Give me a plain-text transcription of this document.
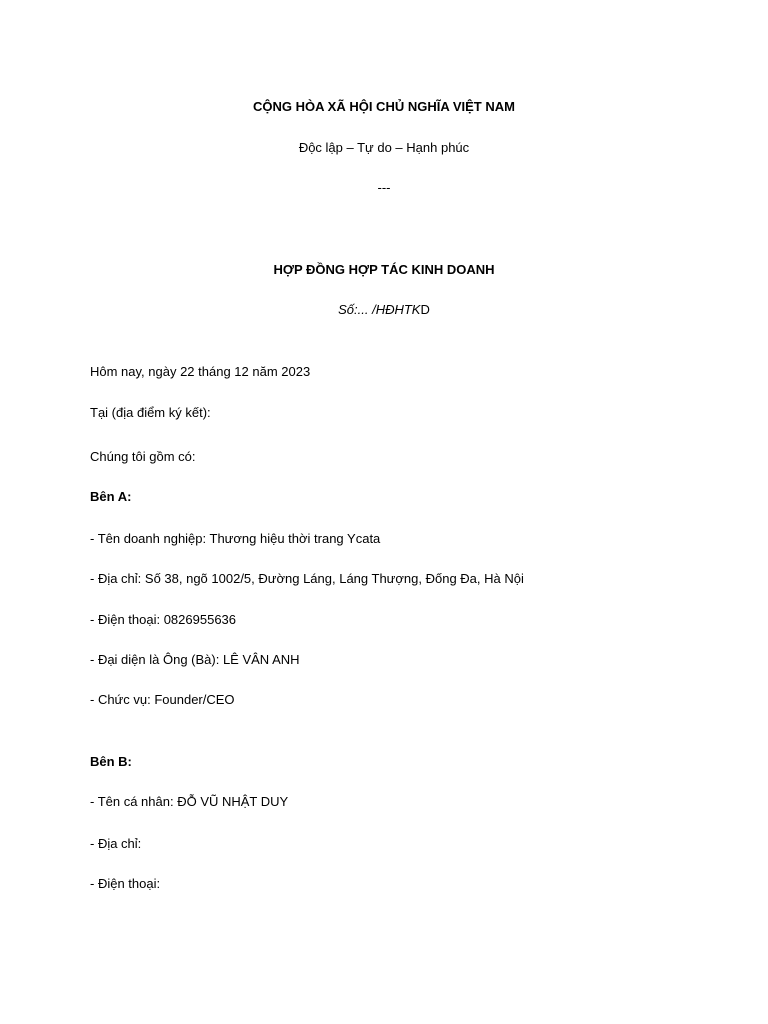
CỘNG HÒA XÃ HỘI CHỦ NGHĨA VIỆT NAM
Độc lập – Tự do – Hạnh phúc
---
HỢP ĐỒNG HỢP TÁC KINH DOANH
Số:... /HĐHTKD
Hôm nay, ngày 22 tháng 12 năm 2023
Tại (địa điểm ký kết):
Chúng tôi gồm có:
Bên A:
- Tên doanh nghiệp: Thương hiệu thời trang Ycata
- Địa chỉ: Số 38, ngõ 1002/5, Đường Láng, Láng Thượng, Đống Đa, Hà Nội
- Điện thoại: 0826955636
- Đại diện là Ông (Bà): LÊ VÂN ANH
- Chức vụ: Founder/CEO
Bên B:
- Tên cá nhân: ĐỖ VŨ NHẬT DUY
- Địa chỉ:
- Điện thoại:
